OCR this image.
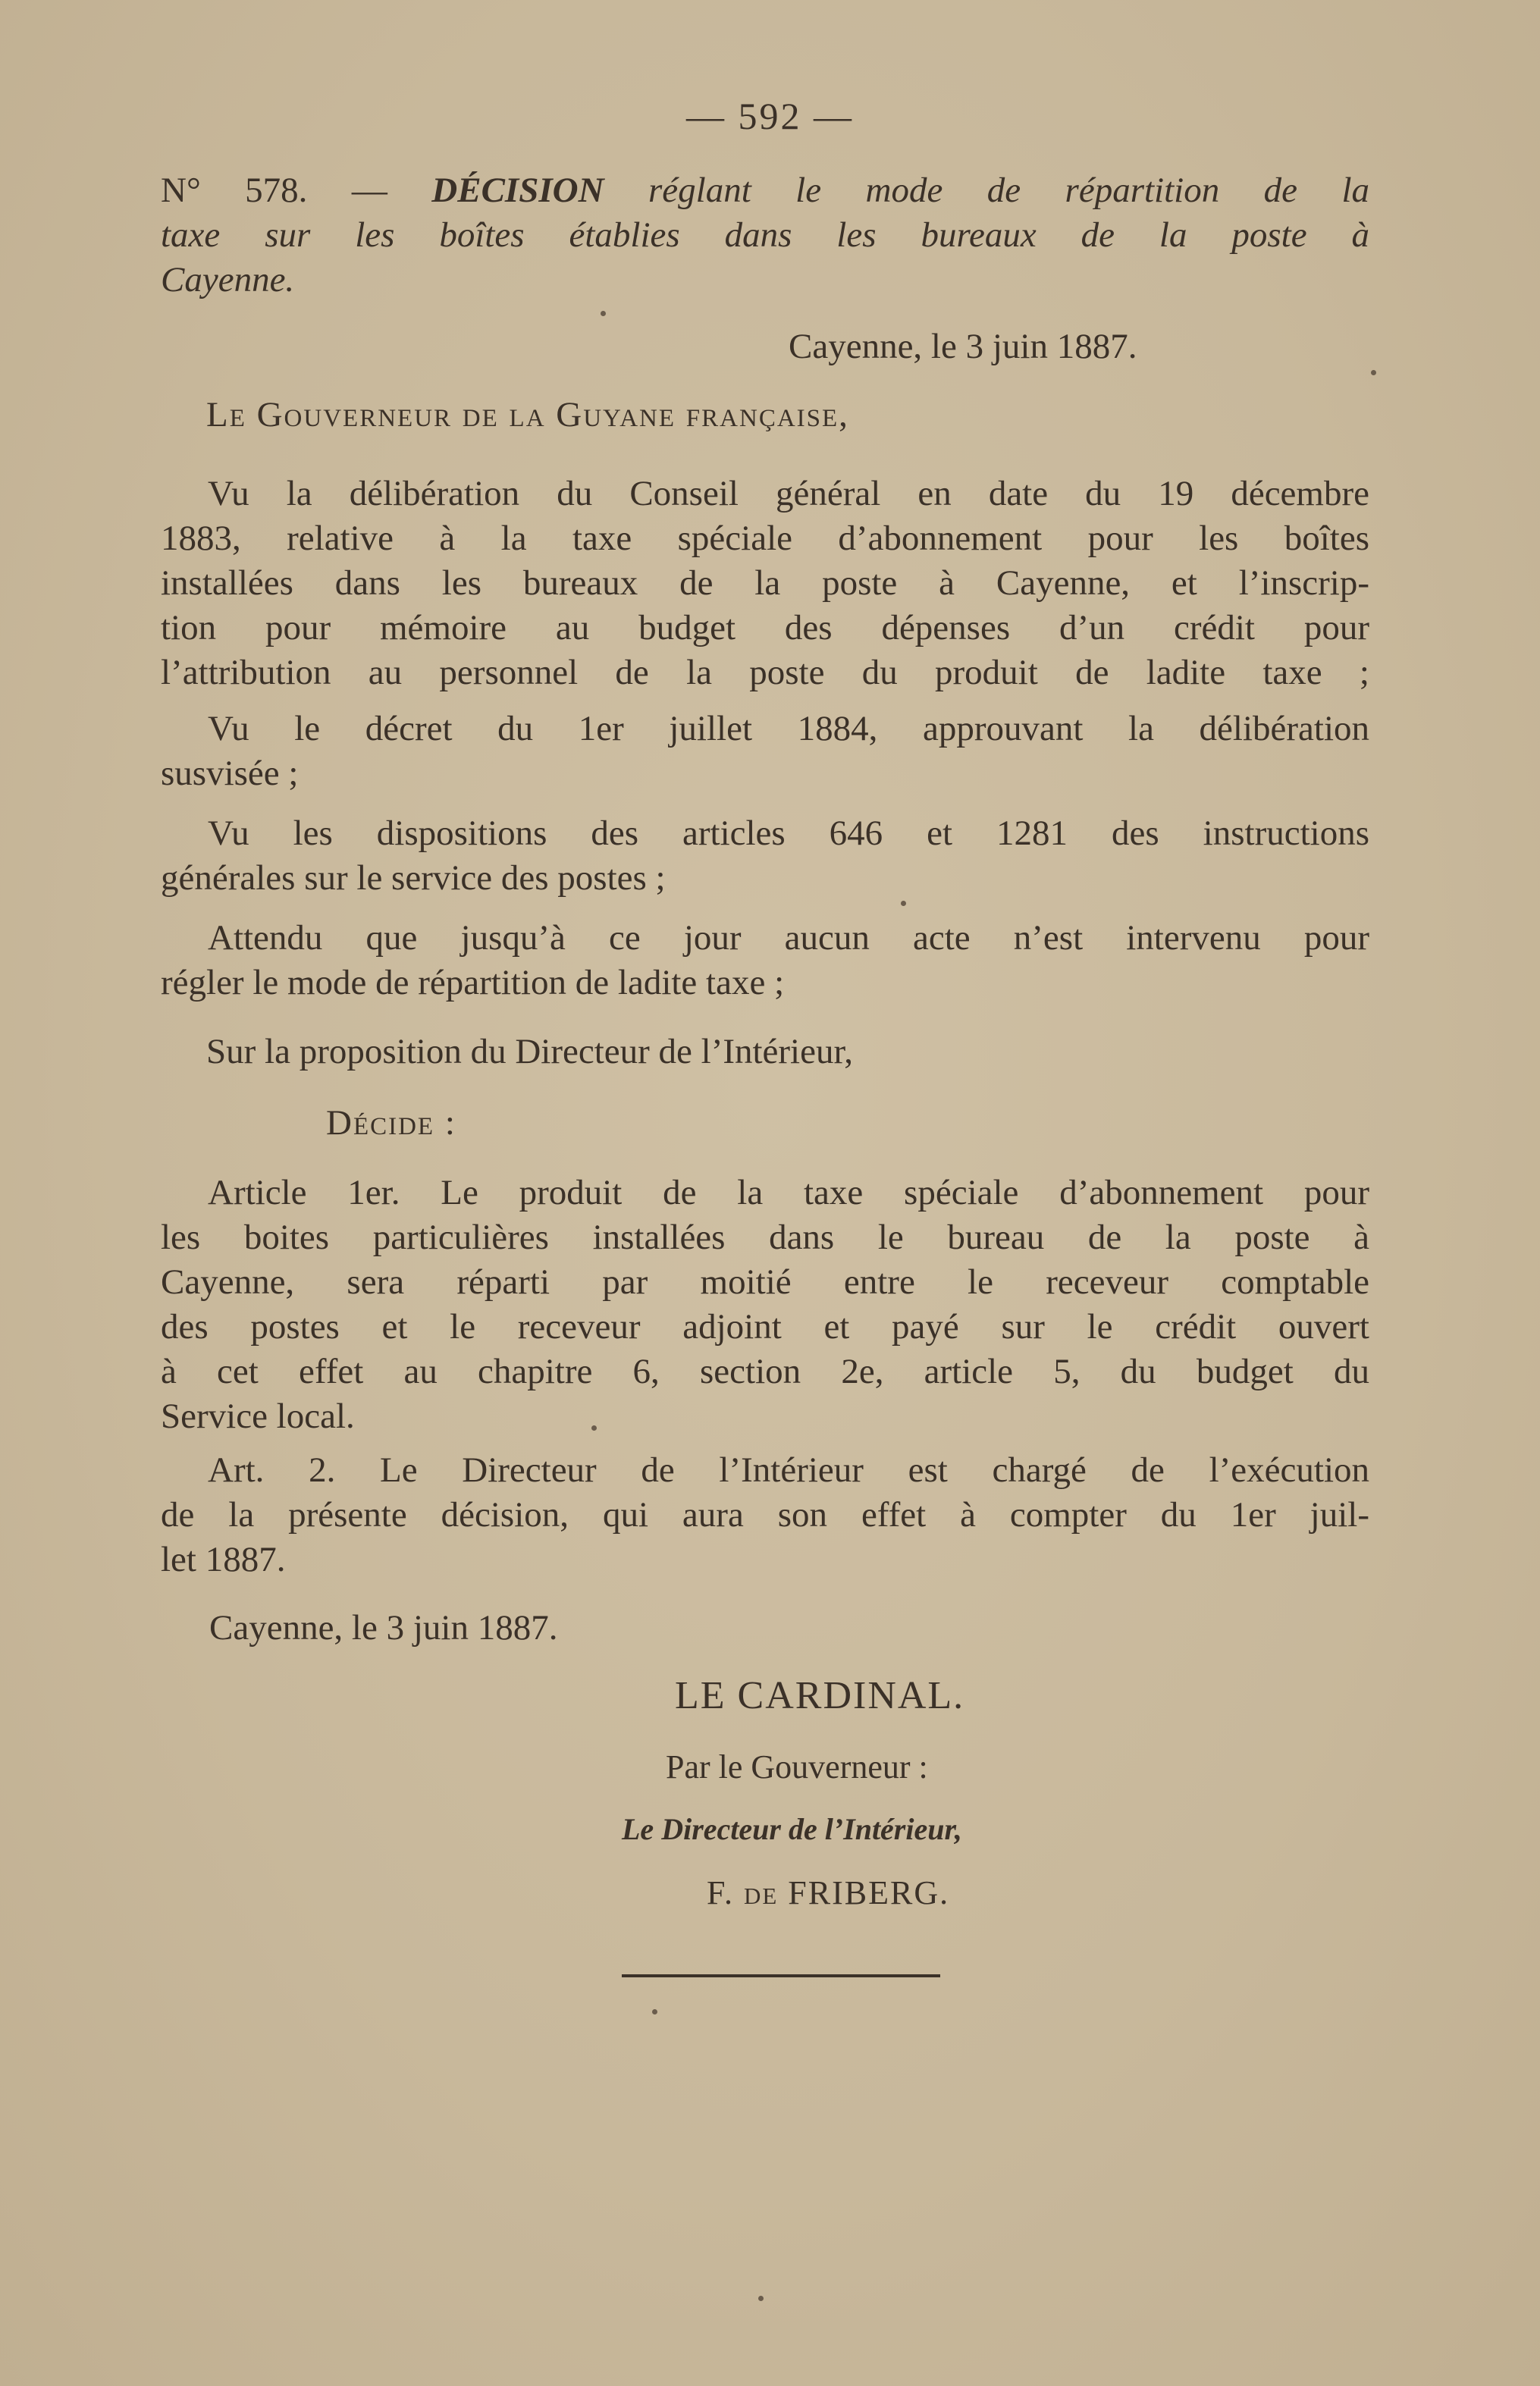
— 592 —
N° 578. — DÉCISION réglant le mode de répartition de la
taxe sur les boîtes établies dans les bureaux de la poste à
Cayenne.
Cayenne, le 3 juin 1887.
Le Gouverneur de la Guyane française,
Vu la délibération du Conseil général en date du 19 décembre
1883, relative à la taxe spéciale d’abonnement pour les boîtes
installées dans les bureaux de la poste à Cayenne, et l’inscrip-
tion pour mémoire au budget des dépenses d’un crédit pour
l’attribution au personnel de la poste du produit de ladite taxe ;
Vu le décret du 1er juillet 1884, approuvant la délibération
susvisée ;
Vu les dispositions des articles 646 et 1281 des instructions
générales sur le service des postes ;
Attendu que jusqu’à ce jour aucun acte n’est intervenu pour
régler le mode de répartition de ladite taxe ;
Sur la proposition du Directeur de l’Intérieur,
Décide :
Article 1er. Le produit de la taxe spéciale d’abonnement pour
les boites particulières installées dans le bureau de la poste à
Cayenne, sera réparti par moitié entre le receveur comptable
des postes et le receveur adjoint et payé sur le crédit ouvert
à cet effet au chapitre 6, section 2e, article 5, du budget du
Service local.
Art. 2. Le Directeur de l’Intérieur est chargé de l’exécution
de la présente décision, qui aura son effet à compter du 1er juil-
let 1887.
Cayenne, le 3 juin 1887.
LE CARDINAL.
Par le Gouverneur :
Le Directeur de l’Intérieur,
F. de FRIBERG.
